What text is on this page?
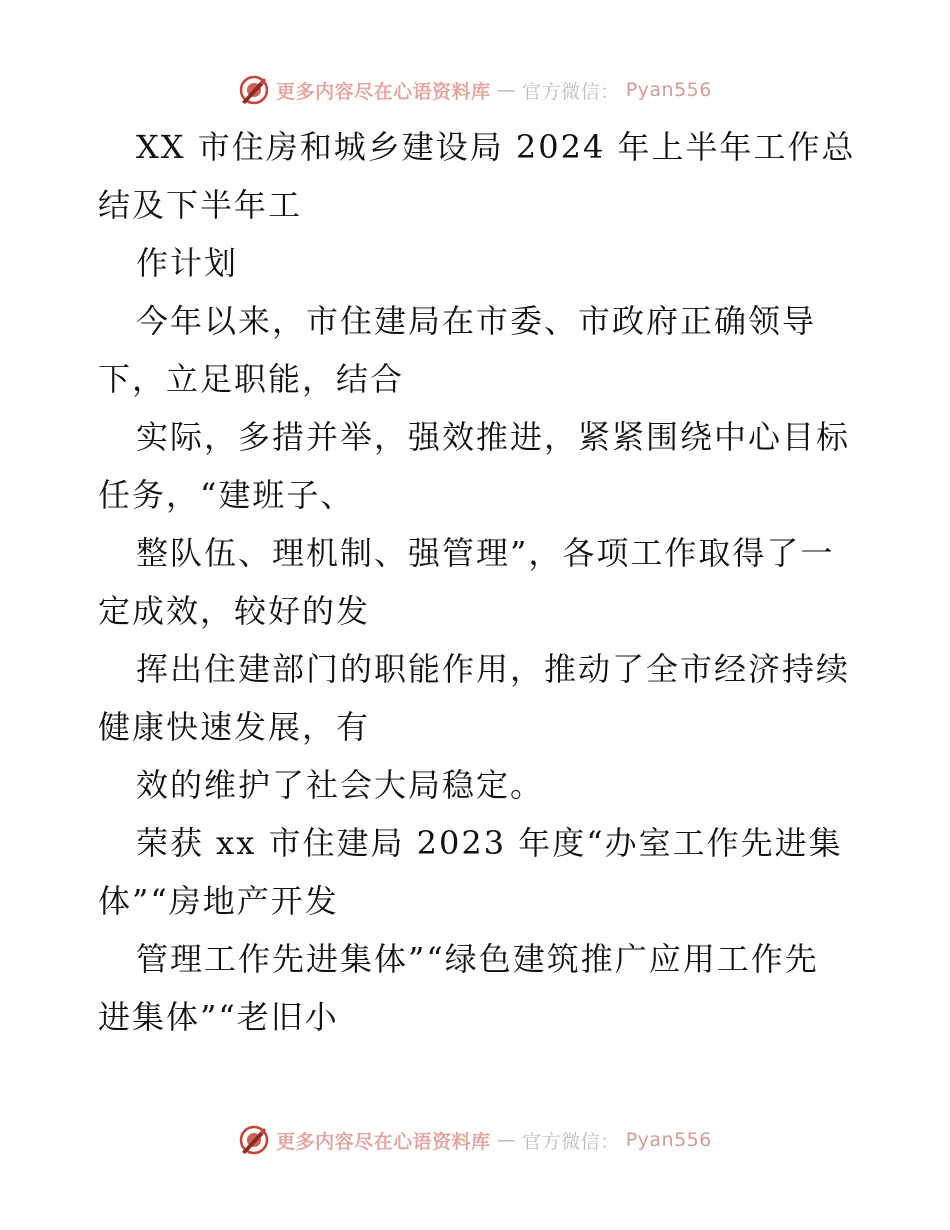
更多内容尽在心语资料库 — 官方微信： Pyan556
XX 市住房和城乡建设局 2024 年上半年工作总
结及下半年工
作计划
今年以来，市住建局在市委、市政府正确领导
下，立足职能，结合
实际，多措并举，强效推进，紧紧围绕中心目标
任务，“建班子、
整队伍、理机制、强管理”，各项工作取得了一
定成效，较好的发
挥出住建部门的职能作用，推动了全市经济持续
健康快速发展，有
效的维护了社会大局稳定。
荣获 xx 市住建局 2023 年度“办室工作先进集
体”“房地产开发
管理工作先进集体”“绿色建筑推广应用工作先
进集体”“老旧小
更多内容尽在心语资料库 — 官方微信： Pyan556
